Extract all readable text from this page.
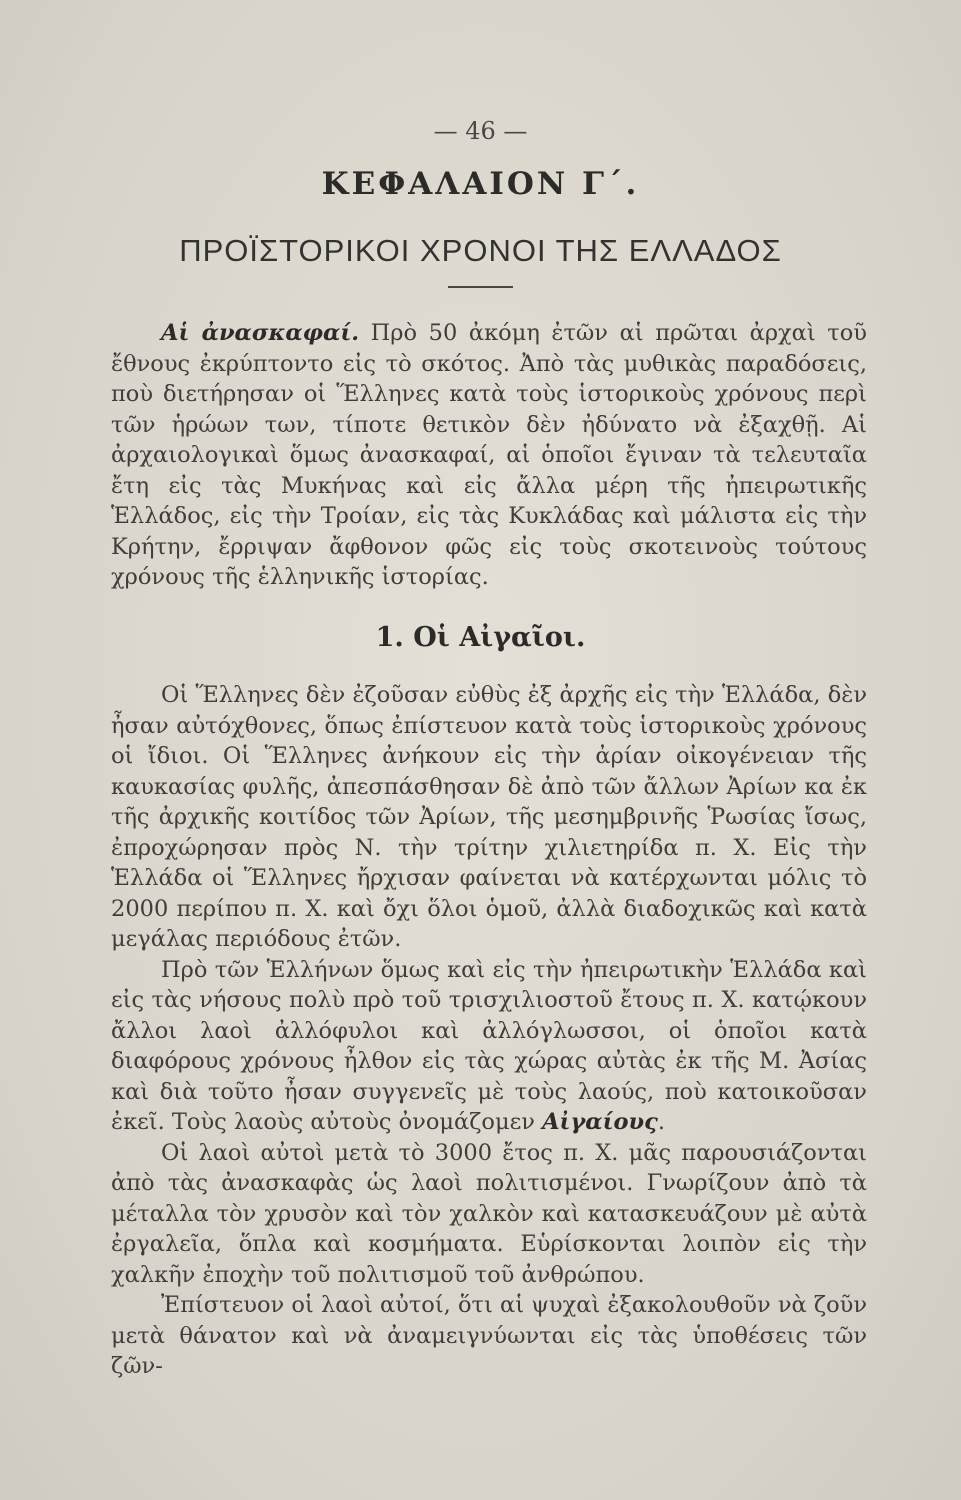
— 46 —
ΚΕΦΑΛΑΙΟΝ Γ΄.
ΠΡΟΪΣΤΟΡΙΚΟΙ ΧΡΟΝΟΙ ΤΗΣ ΕΛΛΑΔΟΣ

Αἱ ἀνασκαφαί. Πρὸ 50 ἀκόμη ἐτῶν αἱ πρῶται ἀρχαὶ τοῦ ἔθνους ἐκρύπτοντο εἰς τὸ σκότος. Ἀπὸ τὰς μυθικὰς παραδόσεις, ποὺ διετήρησαν οἱ Ἕλληνες κατὰ τοὺς ἱστορικοὺς χρόνους περὶ τῶν ἡρώων των, τίποτε θετικὸν δὲν ἠδύνατο νὰ ἐξαχθῇ. Αἱ ἀρχαιολογικαὶ ὅμως ἀνασκαφαί, αἱ ὁποῖοι ἔγιναν τὰ τελευταῖα ἔτη εἰς τὰς Μυκήνας καὶ εἰς ἄλλα μέρη τῆς ἠπειρωτικῆς Ἑλλάδος, εἰς τὴν Τροίαν, εἰς τὰς Κυκλάδας καὶ μάλιστα εἰς τὴν Κρήτην, ἔρριψαν ἄφθονον φῶς εἰς τοὺς σκοτεινοὺς τούτους χρόνους τῆς ἑλληνικῆς ἱστορίας.

1. Οἱ Αἰγαῖοι.

Οἱ Ἕλληνες δὲν ἐζοῦσαν εὐθὺς ἐξ ἀρχῆς εἰς τὴν Ἑλλάδα, δὲν ἦσαν αὐτόχθονες, ὅπως ἐπίστευον κατὰ τοὺς ἱστορικοὺς χρόνους οἱ ἴδιοι. Οἱ Ἕλληνες ἀνήκουν εἰς τὴν ἀρίαν οἰκογένειαν τῆς καυκασίας φυλῆς, ἀπεσπάσθησαν δὲ ἀπὸ τῶν ἄλλων Ἀρίων κα ἐκ τῆς ἀρχικῆς κοιτίδος τῶν Ἀρίων, τῆς μεσημβρινῆς Ῥωσίας ἴσως, ἐπροχώρησαν πρὸς Ν. τὴν τρίτην χιλιετηρίδα π. Χ. Εἰς τὴν Ἑλλάδα οἱ Ἕλληνες ἤρχισαν φαίνεται νὰ κατέρχωνται μόλις τὸ 2000 περίπου π. Χ. καὶ ὄχι ὅλοι ὁμοῦ, ἀλλὰ διαδοχικῶς καὶ κατὰ μεγάλας περιόδους ἐτῶν.

Πρὸ τῶν Ἑλλήνων ὅμως καὶ εἰς τὴν ἠπειρωτικὴν Ἑλλάδα καὶ εἰς τὰς νήσους πολὺ πρὸ τοῦ τρισχιλιοστοῦ ἔτους π. Χ. κατῴκουν ἄλλοι λαοὶ ἀλλόφυλοι καὶ ἀλλόγλωσσοι, οἱ ὁποῖοι κατὰ διαφόρους χρόνους ἦλθον εἰς τὰς χώρας αὐτὰς ἐκ τῆς Μ. Ἀσίας καὶ διὰ τοῦτο ἦσαν συγγενεῖς μὲ τοὺς λαούς, ποὺ κατοικοῦσαν ἐκεῖ. Τοὺς λαοὺς αὐτοὺς ὀνομάζομεν Αἰγαίους.

Οἱ λαοὶ αὐτοὶ μετὰ τὸ 3000 ἔτος π. Χ. μᾶς παρουσιάζονται ἀπὸ τὰς ἀνασκαφὰς ὡς λαοὶ πολιτισμένοι. Γνωρίζουν ἀπὸ τὰ μέταλλα τὸν χρυσὸν καὶ τὸν χαλκὸν καὶ κατασκευάζουν μὲ αὐτὰ ἐργαλεῖα, ὅπλα καὶ κοσμήματα. Εὑρίσκονται λοιπὸν εἰς τὴν χαλκῆν ἐποχὴν τοῦ πολιτισμοῦ τοῦ ἀνθρώπου.

Ἐπίστευον οἱ λαοὶ αὐτοί, ὅτι αἱ ψυχαὶ ἐξακολουθοῦν νὰ ζοῦν μετὰ θάνατον καὶ νὰ ἀναμειγνύωνται εἰς τὰς ὑποθέσεις τῶν ζῶν-
